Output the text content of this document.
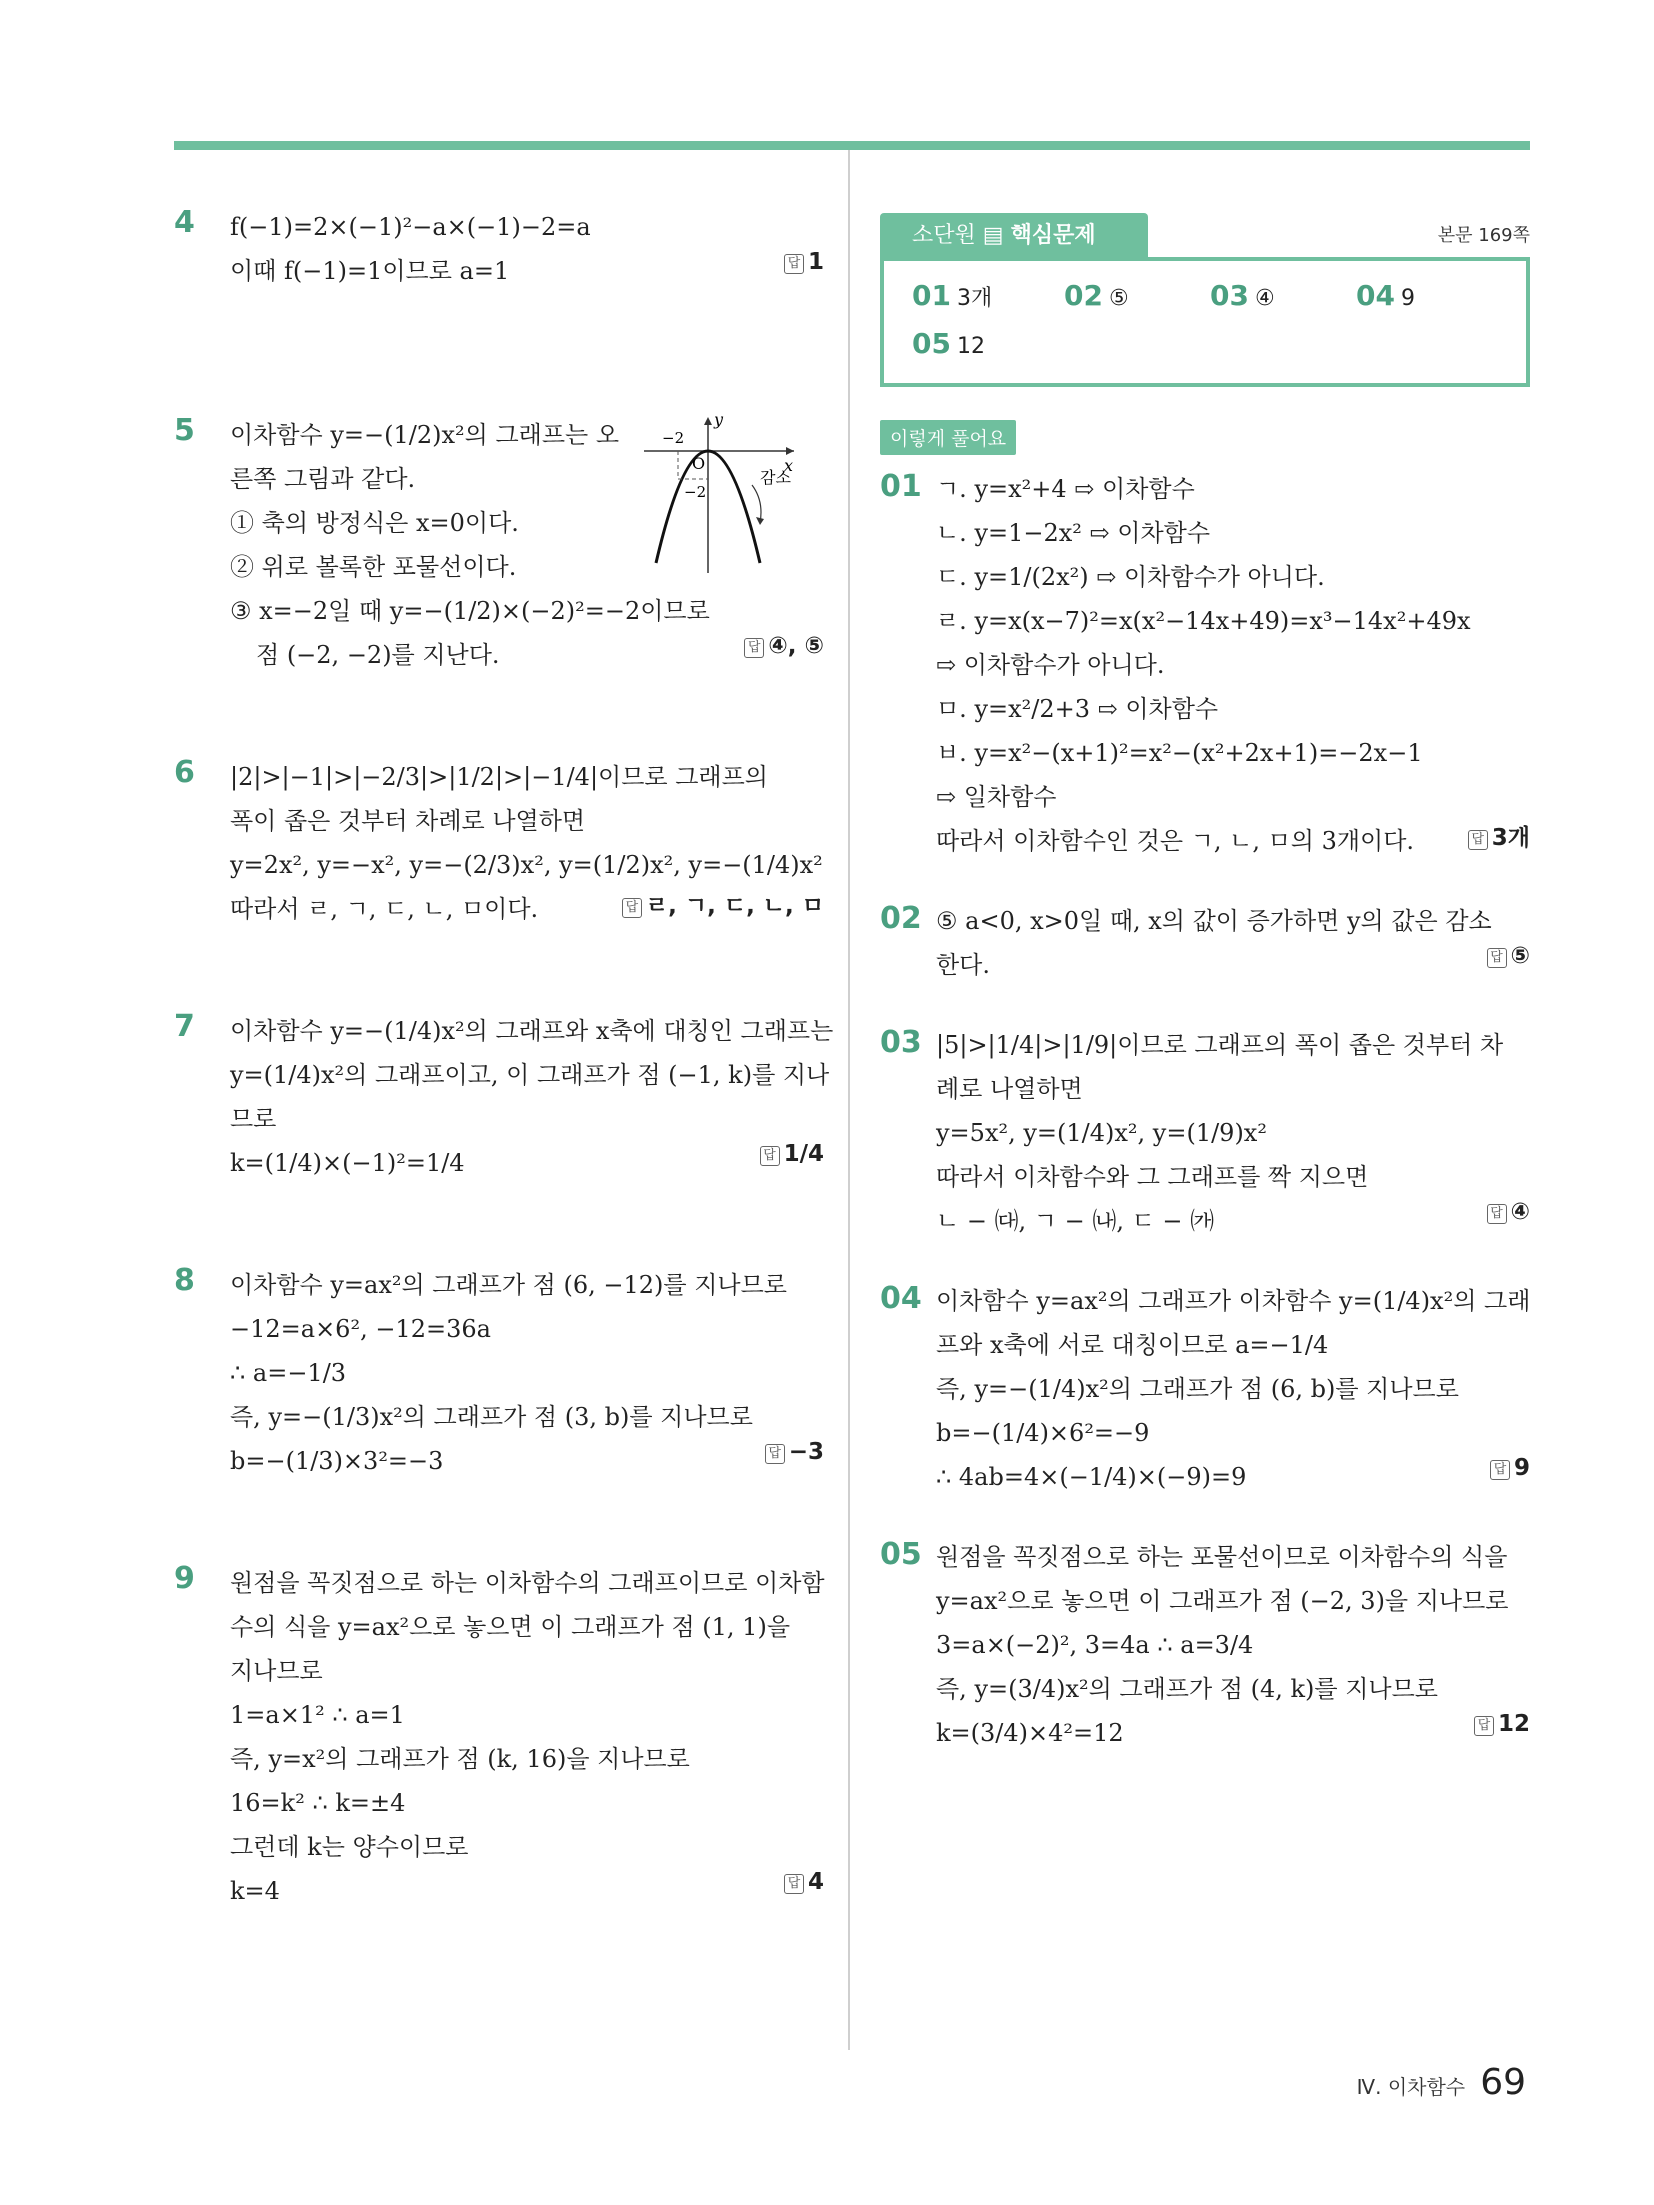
4 f(−1)=2×(−1)²−a×(−1)−2=a
이때 f(−1)=1이므로 a=1	답 1
5 이차함수 y=−(1/2)x²의 그래프는 오
른쪽 그림과 같다.
① 축의 방정식은 x=0이다.
② 위로 볼록한 포물선이다.
③ x=−2일 때 y=−(1/2)×(−2)²=−2이므로
점 (−2, −2)를 지난다.	답 ④, ⑤
y
x
−2
O
−2
감소
6 |2|>|−1|>|−2/3|>|1/2|>|−1/4|이므로 그래프의
폭이 좁은 것부터 차례로 나열하면
y=2x², y=−x², y=−(2/3)x², y=(1/2)x², y=−(1/4)x²
따라서 ㄹ, ㄱ, ㄷ, ㄴ, ㅁ이다.	답 ㄹ, ㄱ, ㄷ, ㄴ, ㅁ
7 이차함수 y=−(1/4)x²의 그래프와 x축에 대칭인 그래프는
y=(1/4)x²의 그래프이고, 이 그래프가 점 (−1, k)를 지나
므로
k=(1/4)×(−1)²=1/4	답 1/4
8 이차함수 y=ax²의 그래프가 점 (6, −12)를 지나므로
−12=a×6², −12=36a
∴ a=−1/3
즉, y=−(1/3)x²의 그래프가 점 (3, b)를 지나므로
b=−(1/3)×3²=−3	답 −3
9 원점을 꼭짓점으로 하는 이차함수의 그래프이므로 이차함
수의 식을 y=ax²으로 놓으면 이 그래프가 점 (1, 1)을
지나므로
1=a×1² ∴ a=1
즉, y=x²의 그래프가 점 (k, 16)을 지나므로
16=k² ∴ k=±4
그런데 k는 양수이므로
k=4	답 4
소단원 ▤ 핵심문제	본문 169쪽
01 3개	02 ⑤	03 ④	04 9
05 12
이렇게 풀어요
01 ㄱ. y=x²+4 ⇨ 이차함수
ㄴ. y=1−2x² ⇨ 이차함수
ㄷ. y=1/(2x²) ⇨ 이차함수가 아니다.
ㄹ. y=x(x−7)²=x(x²−14x+49)=x³−14x²+49x
⇨ 이차함수가 아니다.
ㅁ. y=x²/2+3 ⇨ 이차함수
ㅂ. y=x²−(x+1)²=x²−(x²+2x+1)=−2x−1
⇨ 일차함수
따라서 이차함수인 것은 ㄱ, ㄴ, ㅁ의 3개이다.	답 3개
02 ⑤ a<0, x>0일 때, x의 값이 증가하면 y의 값은 감소
한다.	답 ⑤
03 |5|>|1/4|>|1/9|이므로 그래프의 폭이 좁은 것부터 차
례로 나열하면
y=5x², y=(1/4)x², y=(1/9)x²
따라서 이차함수와 그 그래프를 짝 지으면
ㄴ − ㈐, ㄱ − ㈏, ㄷ − ㈎	답 ④
04 이차함수 y=ax²의 그래프가 이차함수 y=(1/4)x²의 그래
프와 x축에 서로 대칭이므로 a=−1/4
즉, y=−(1/4)x²의 그래프가 점 (6, b)를 지나므로
b=−(1/4)×6²=−9
∴ 4ab=4×(−1/4)×(−9)=9	답 9
05 원점을 꼭짓점으로 하는 포물선이므로 이차함수의 식을
y=ax²으로 놓으면 이 그래프가 점 (−2, 3)을 지나므로
3=a×(−2)², 3=4a ∴ a=3/4
즉, y=(3/4)x²의 그래프가 점 (4, k)를 지나므로
k=(3/4)×4²=12	답 12
Ⅳ. 이차함수 69
